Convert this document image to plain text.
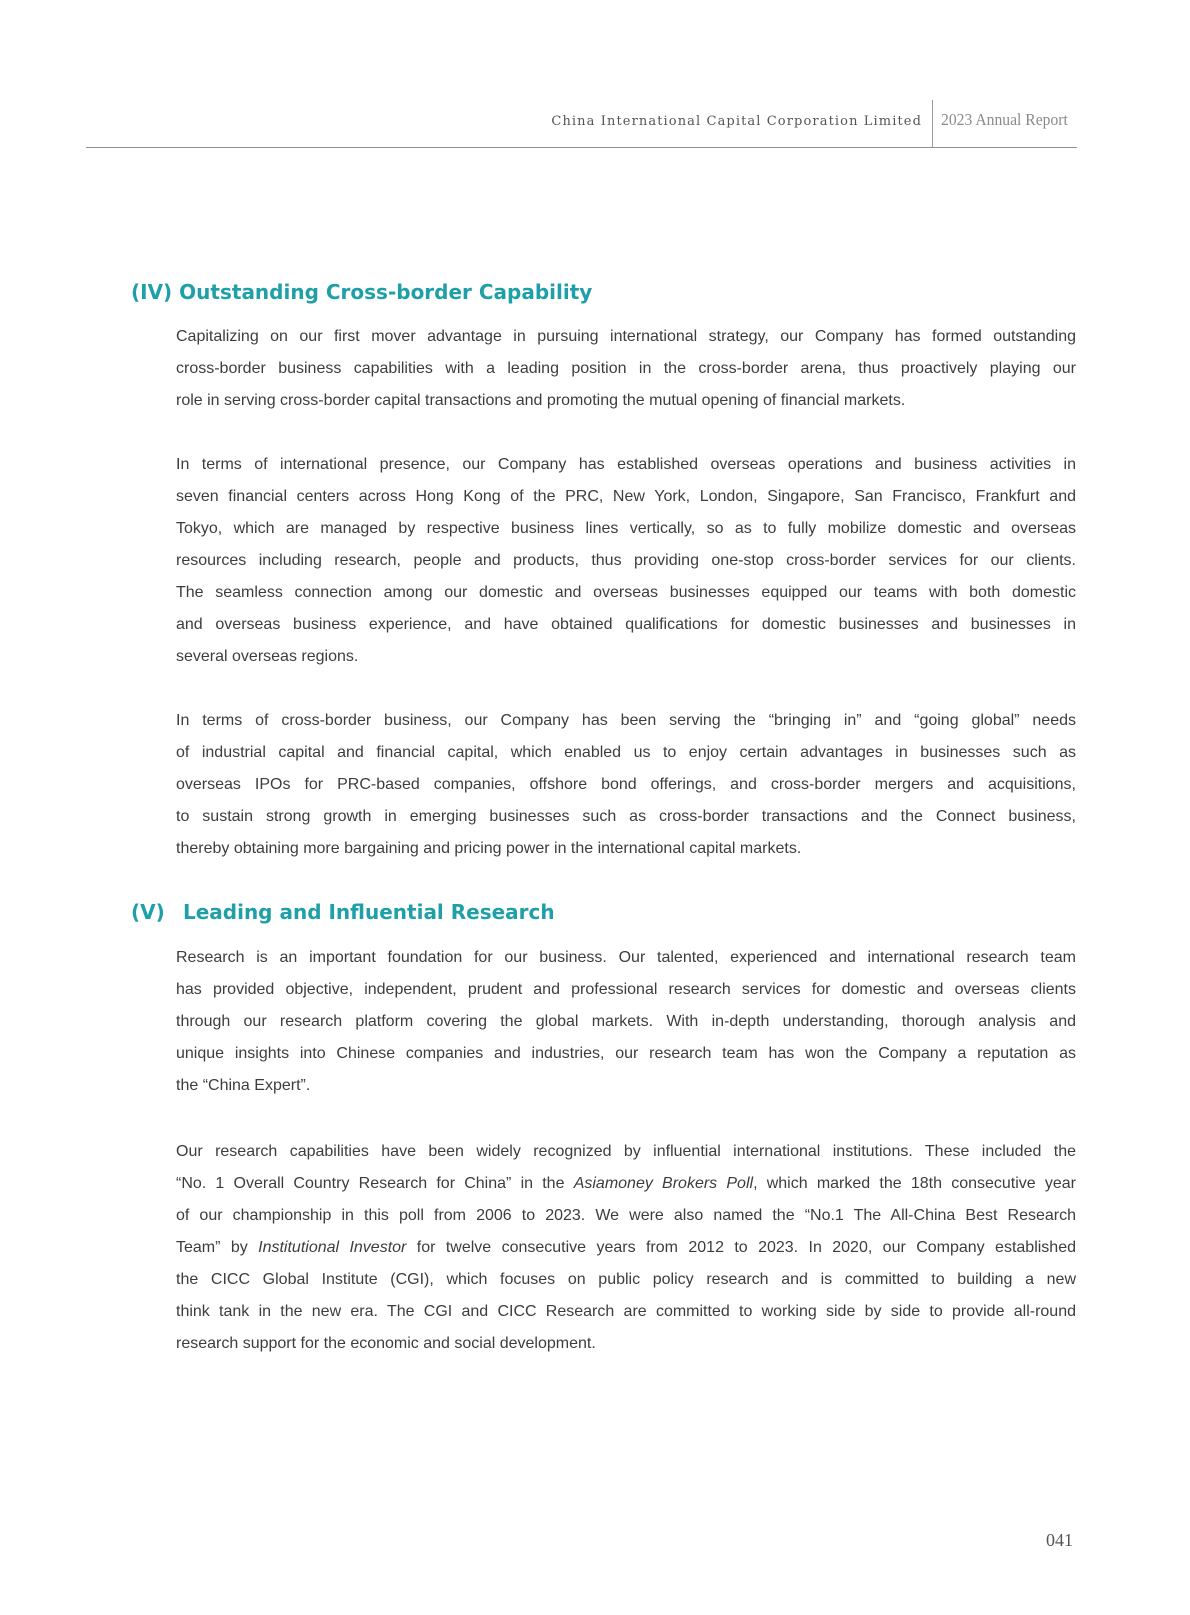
China International Capital Corporation Limited 2023 Annual Report
(IV) Outstanding Cross-border Capability
Capitalizing on our first mover advantage in pursuing international strategy, our Company has formed outstanding
cross-border business capabilities with a leading position in the cross-border arena, thus proactively playing our
role in serving cross-border capital transactions and promoting the mutual opening of financial markets.
In terms of international presence, our Company has established overseas operations and business activities in
seven financial centers across Hong Kong of the PRC, New York, London, Singapore, San Francisco, Frankfurt and
Tokyo, which are managed by respective business lines vertically, so as to fully mobilize domestic and overseas
resources including research, people and products, thus providing one-stop cross-border services for our clients.
The seamless connection among our domestic and overseas businesses equipped our teams with both domestic
and overseas business experience, and have obtained qualifications for domestic businesses and businesses in
several overseas regions.
In terms of cross-border business, our Company has been serving the “bringing in” and “going global” needs
of industrial capital and financial capital, which enabled us to enjoy certain advantages in businesses such as
overseas IPOs for PRC-based companies, offshore bond offerings, and cross-border mergers and acquisitions,
to sustain strong growth in emerging businesses such as cross-border transactions and the Connect business,
thereby obtaining more bargaining and pricing power in the international capital markets.
(V) Leading and Influential Research
Research is an important foundation for our business. Our talented, experienced and international research team
has provided objective, independent, prudent and professional research services for domestic and overseas clients
through our research platform covering the global markets. With in-depth understanding, thorough analysis and
unique insights into Chinese companies and industries, our research team has won the Company a reputation as
the “China Expert”.
Our research capabilities have been widely recognized by influential international institutions. These included the
“No. 1 Overall Country Research for China” in the Asiamoney Brokers Poll, which marked the 18th consecutive year
of our championship in this poll from 2006 to 2023. We were also named the “No.1 The All-China Best Research
Team” by Institutional Investor for twelve consecutive years from 2012 to 2023. In 2020, our Company established
the CICC Global Institute (CGI), which focuses on public policy research and is committed to building a new
think tank in the new era. The CGI and CICC Research are committed to working side by side to provide all-round
research support for the economic and social development.
041
